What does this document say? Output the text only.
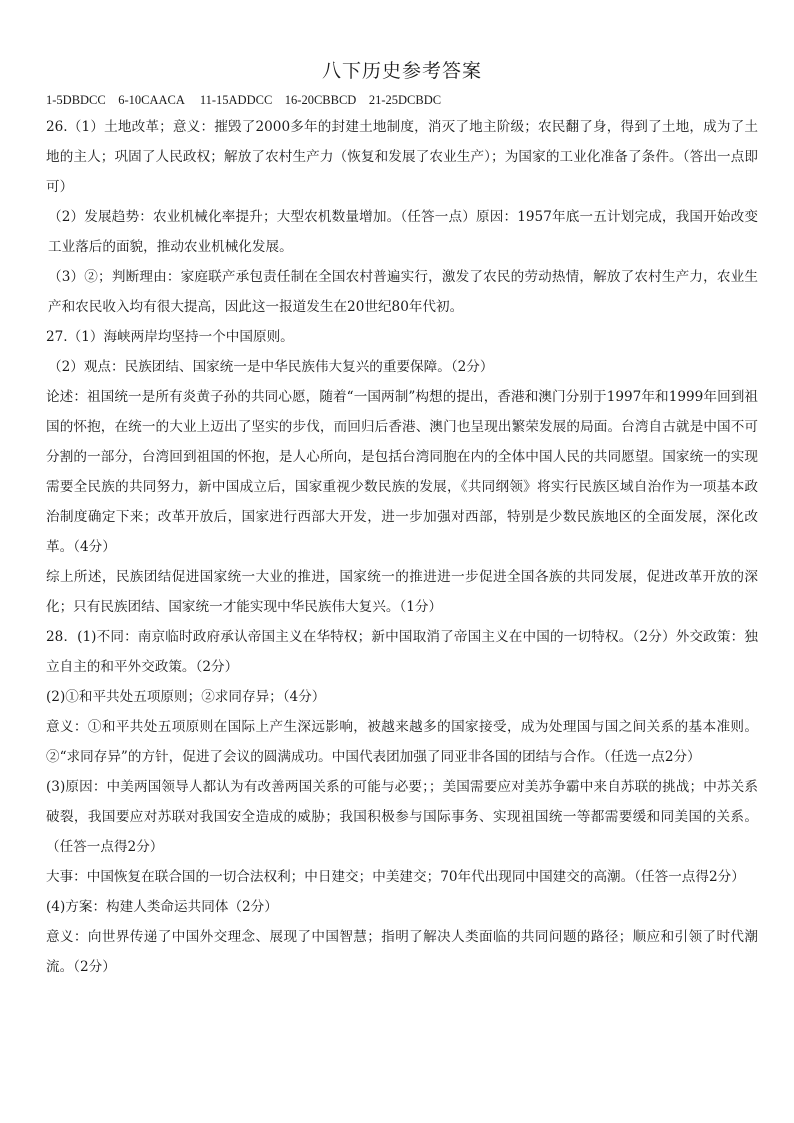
八下历史参考答案

1-5DBDCC    6-10CAACA     11-15ADDCC    16-20CBBCD    21-25DCBDC

26.（1）土地改革；意义：摧毁了2000多年的封建土地制度，消灭了地主阶级；农民翻了身，得到了土地，成为了土地的主人；巩固了人民政权；解放了农村生产力（恢复和发展了农业生产）；为国家的工业化准备了条件。（答出一点即可）

（2）发展趋势：农业机械化率提升；大型农机数量增加。（任答一点）原因：1957年底一五计划完成，我国开始改变工业落后的面貌，推动农业机械化发展。

（3）②；判断理由：家庭联产承包责任制在全国农村普遍实行，激发了农民的劳动热情，解放了农村生产力，农业生产和农民收入均有很大提高，因此这一报道发生在20世纪80年代初。

27.（1）海峡两岸均坚持一个中国原则。

（2）观点：民族团结、国家统一是中华民族伟大复兴的重要保障。（2分）

论述：祖国统一是所有炎黄子孙的共同心愿，随着“一国两制”构想的提出，香港和澳门分别于1997年和1999年回到祖国的怀抱，在统一的大业上迈出了坚实的步伐，而回归后香港、澳门也呈现出繁荣发展的局面。台湾自古就是中国不可分割的一部分，台湾回到祖国的怀抱，是人心所向，是包括台湾同胞在内的全体中国人民的共同愿望。国家统一的实现需要全民族的共同努力，新中国成立后，国家重视少数民族的发展，《共同纲领》将实行民族区域自治作为一项基本政治制度确定下来；改革开放后，国家进行西部大开发，进一步加强对西部，特别是少数民族地区的全面发展，深化改革。（4分）

综上所述，民族团结促进国家统一大业的推进，国家统一的推进进一步促进全国各族的共同发展，促进改革开放的深化；只有民族团结、国家统一才能实现中华民族伟大复兴。（1分）

28．(1)不同：南京临时政府承认帝国主义在华特权；新中国取消了帝国主义在中国的一切特权。（2分）外交政策：独立自主的和平外交政策。（2分）

(2)①和平共处五项原则；②求同存异；（4分）

意义：①和平共处五项原则在国际上产生深远影响，被越来越多的国家接受，成为处理国与国之间关系的基本准则。②“求同存异”的方针，促进了会议的圆满成功。中国代表团加强了同亚非各国的团结与合作。（任选一点2分）

(3)原因：中美两国领导人都认为有改善两国关系的可能与必要；；美国需要应对美苏争霸中来自苏联的挑战；中苏关系破裂，我国要应对苏联对我国安全造成的威胁；我国积极参与国际事务、实现祖国统一等都需要缓和同美国的关系。（任答一点得2分）

大事：中国恢复在联合国的一切合法权利；中日建交；中美建交；70年代出现同中国建交的高潮。（任答一点得2分）

(4)方案：构建人类命运共同体（2分）

意义：向世界传递了中国外交理念、展现了中国智慧；指明了解决人类面临的共同问题的路径；顺应和引领了时代潮流。（2分）
